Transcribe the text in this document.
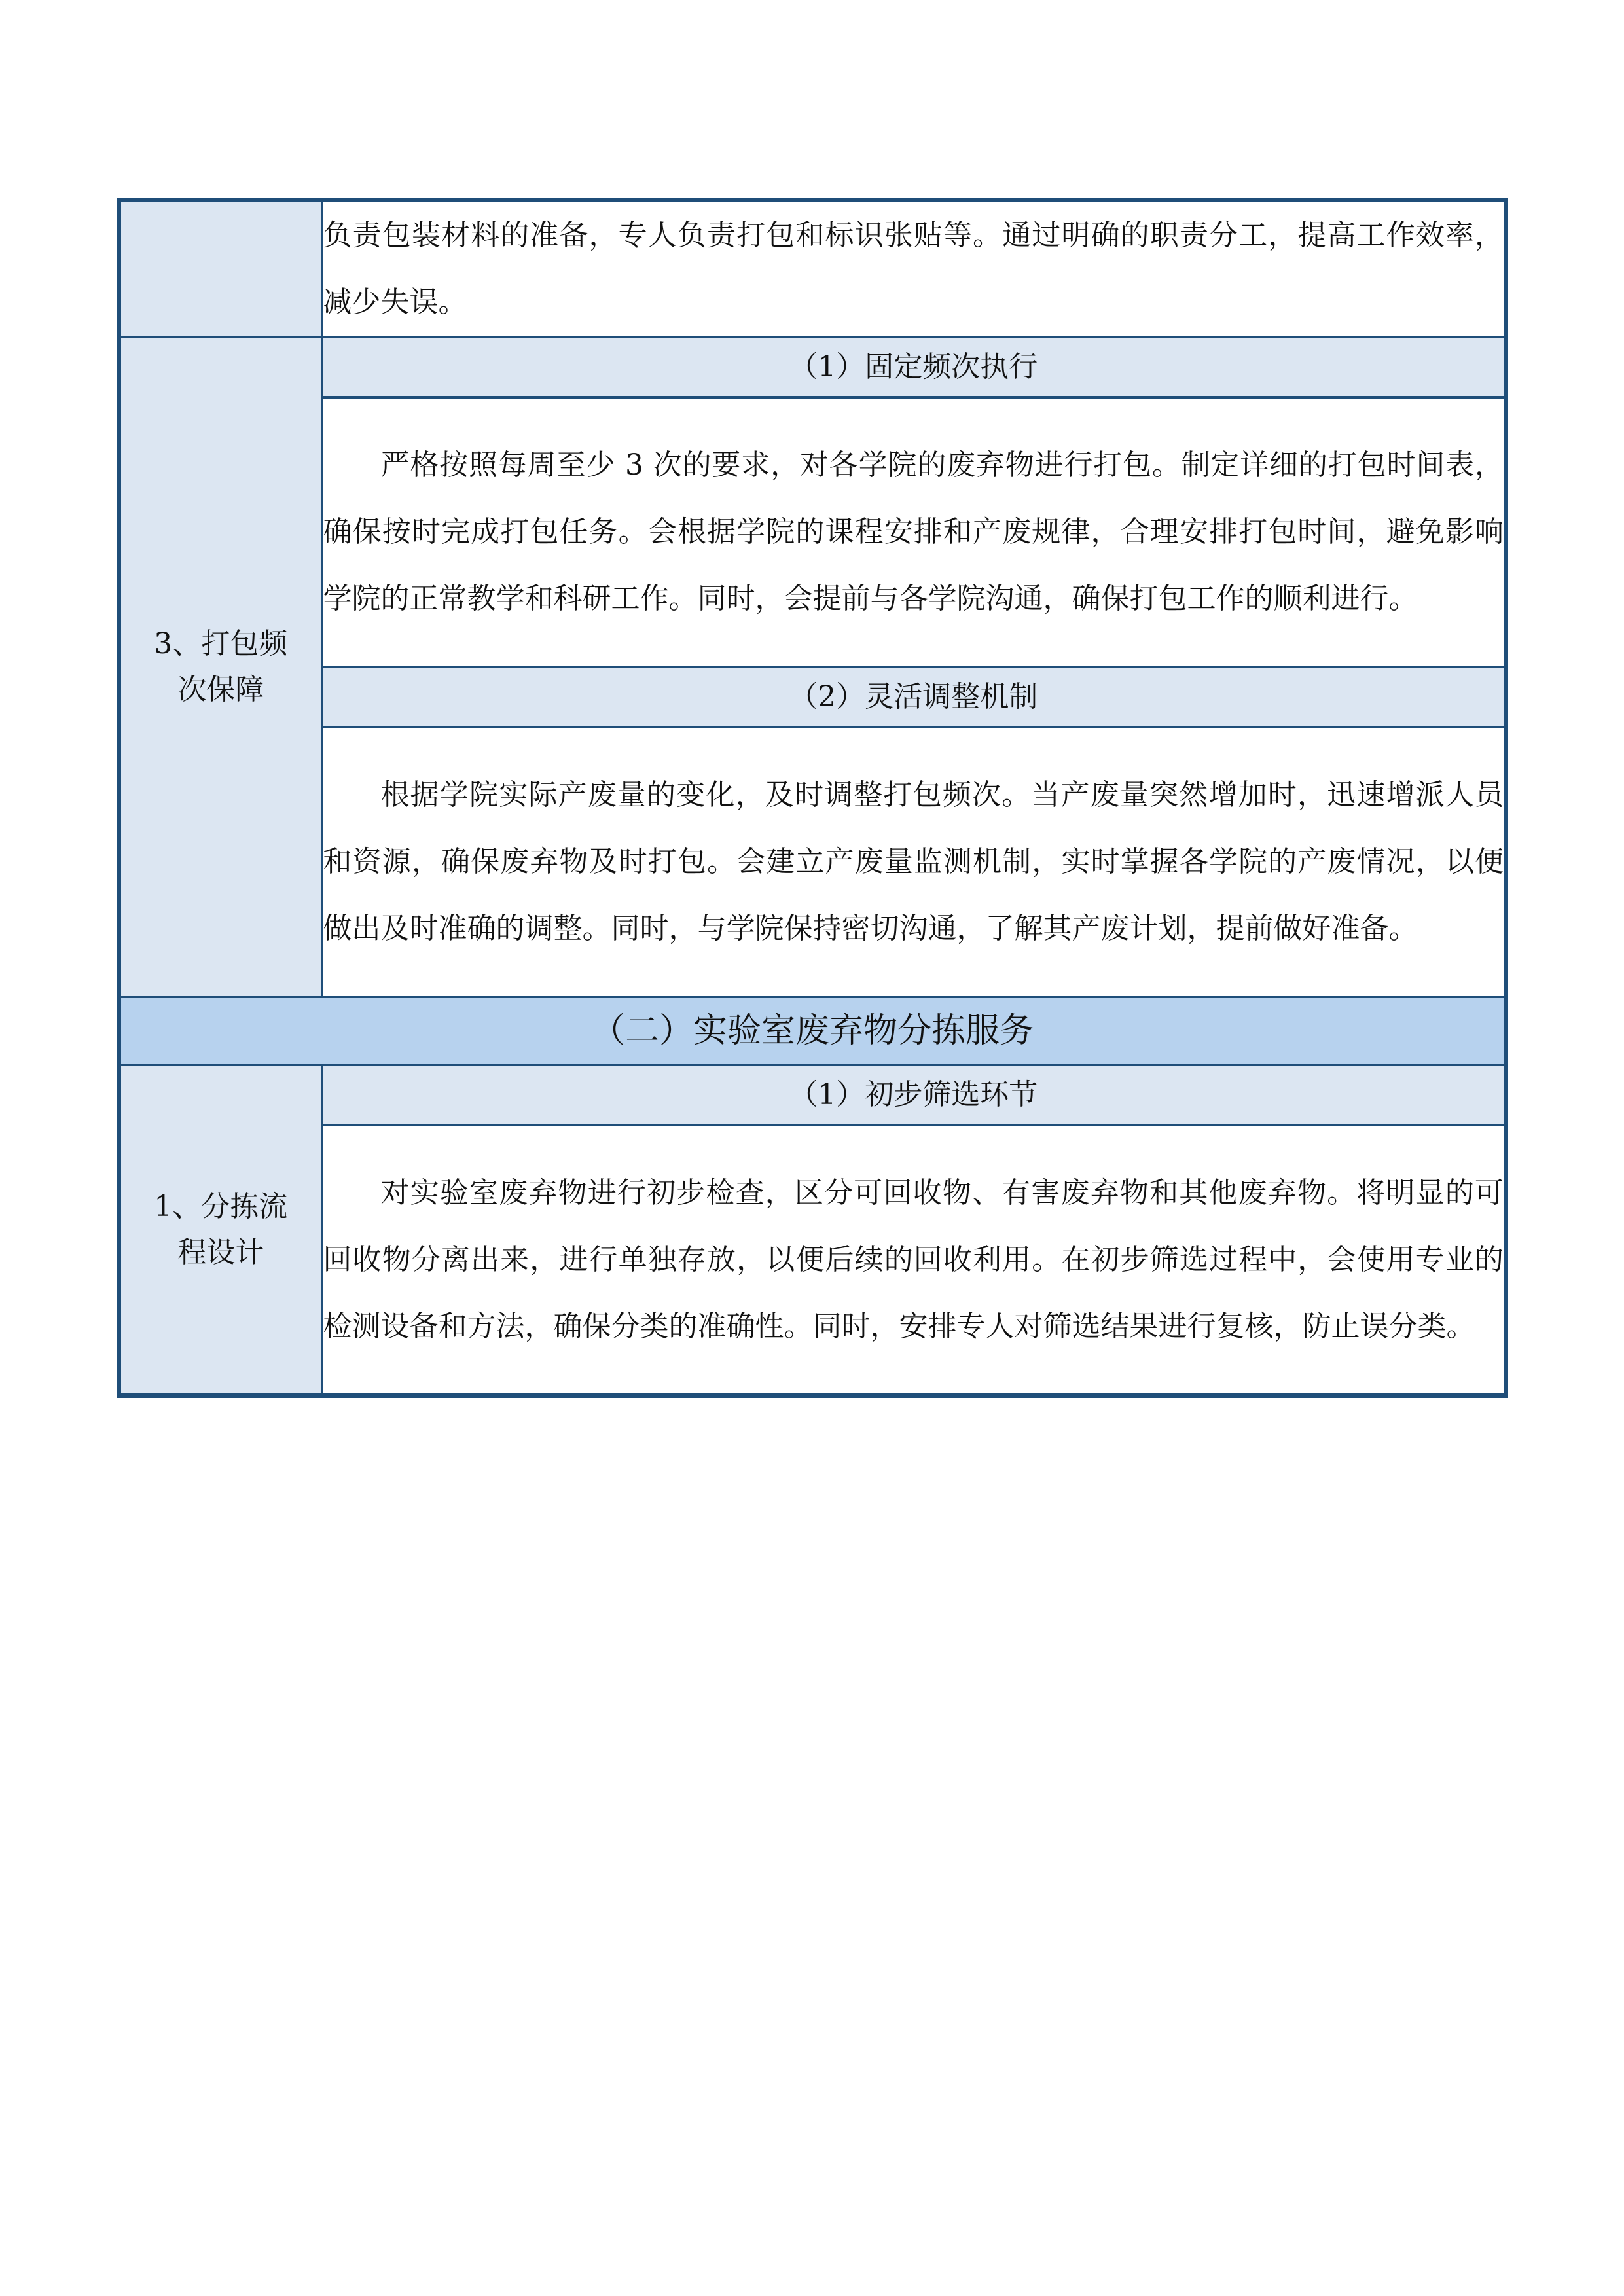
	负责包装材料的准备，专人负责打包和标识张贴等。通过明确的职责分工，提高工作效率，减少失误。
3、打包频次保障	（1）固定频次执行
	严格按照每周至少 3 次的要求，对各学院的废弃物进行打包。制定详细的打包时间表，确保按时完成打包任务。会根据学院的课程安排和产废规律，合理安排打包时间，避免影响学院的正常教学和科研工作。同时，会提前与各学院沟通，确保打包工作的顺利进行。
	（2）灵活调整机制
	根据学院实际产废量的变化，及时调整打包频次。当产废量突然增加时，迅速增派人员和资源，确保废弃物及时打包。会建立产废量监测机制，实时掌握各学院的产废情况，以便做出及时准确的调整。同时，与学院保持密切沟通，了解其产废计划，提前做好准备。
（二）实验室废弃物分拣服务	
1、分拣流程设计	（1）初步筛选环节
	对实验室废弃物进行初步检查，区分可回收物、有害废弃物和其他废弃物。将明显的可回收物分离出来，进行单独存放，以便后续的回收利用。在初步筛选过程中，会使用专业的检测设备和方法，确保分类的准确性。同时，安排专人对筛选结果进行复核，防止误分类。
